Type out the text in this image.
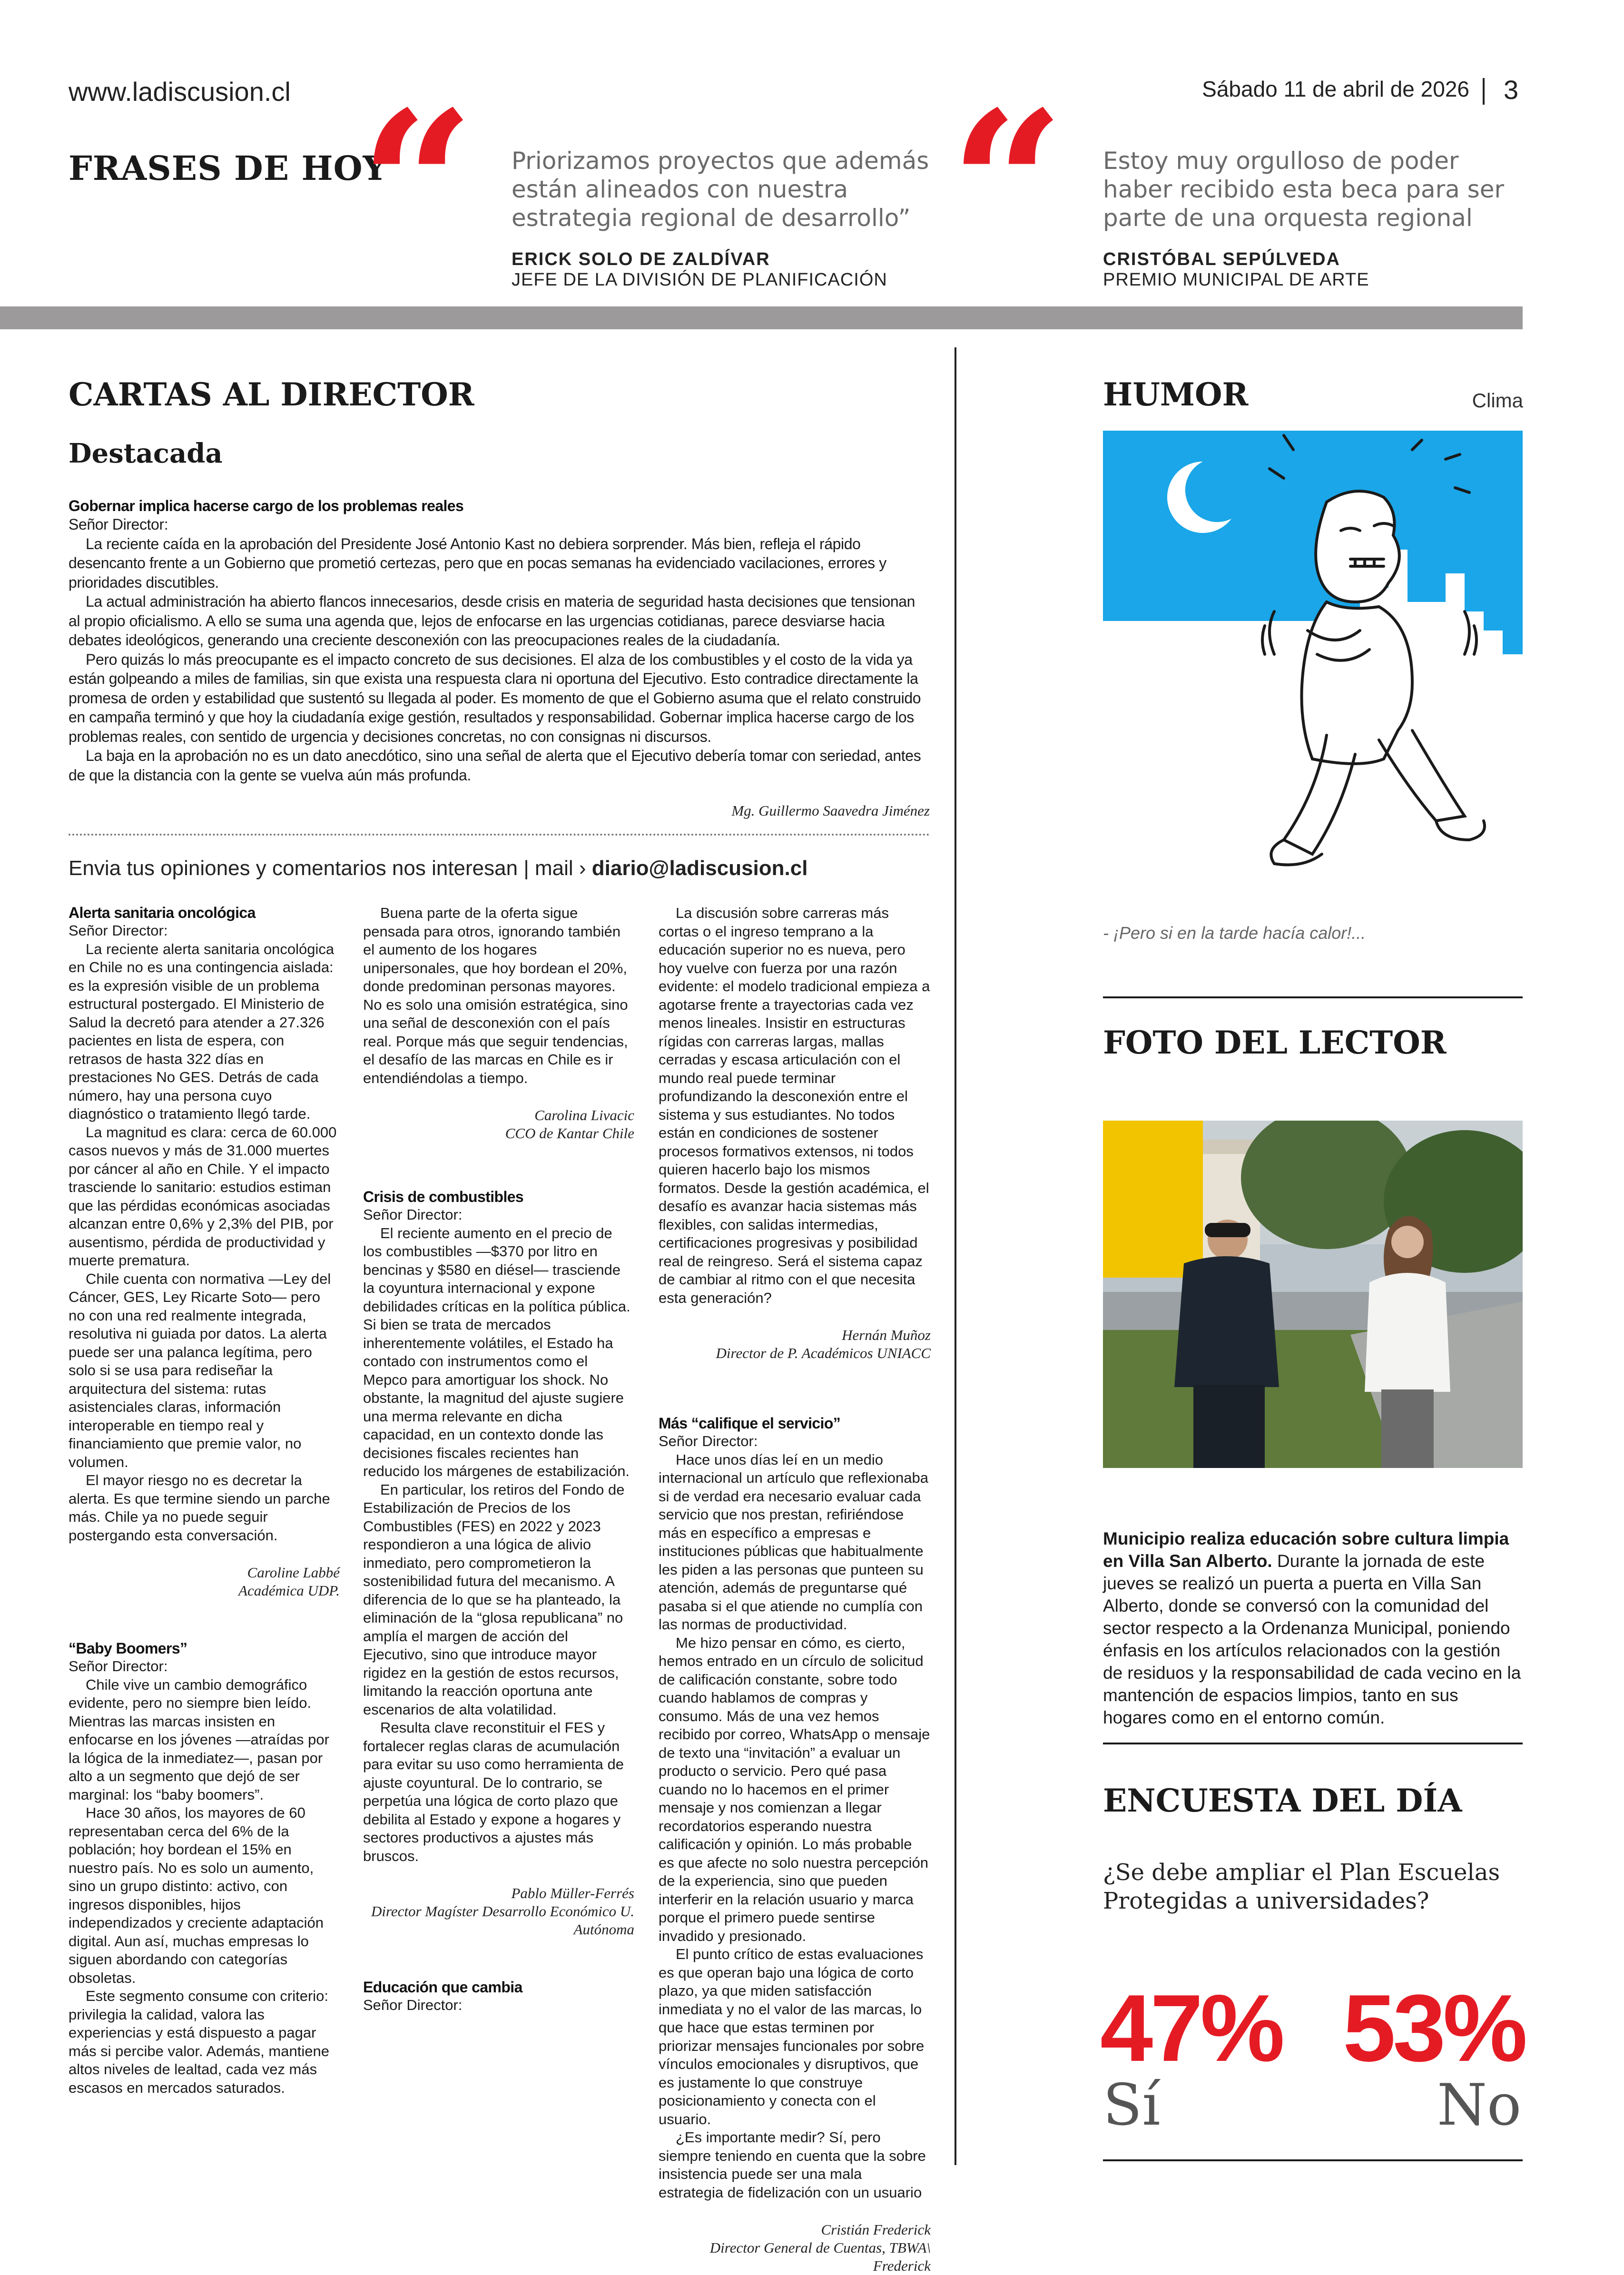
www.ladiscusion.cl	Sábado 11 de abril de 2026 3
FRASES DE HOY
“ Priorizamos proyectos que además están alineados con nuestra estrategia regional de desarrollo”
ERICK SOLO DE ZALDÍVAR
JEFE DE LA DIVISIÓN DE PLANIFICACIÓN “ Estoy muy orgulloso de poder haber recibido esta beca para ser parte de una orquesta regional
CRISTÓBAL SEPÚLVEDA
PREMIO MUNICIPAL DE ARTE
CARTAS AL DIRECTOR
Destacada
Gobernar implica hacerse cargo de los problemas reales

Señor Director:

La reciente caída en la aprobación del Presidente José Antonio Kast no debiera sorprender. Más bien, refleja el rápido desencanto frente a un Gobierno que prometió certezas, pero que en pocas semanas ha evidenciado vacilaciones, errores y prioridades discutibles.

La actual administración ha abierto flancos innecesarios, desde crisis en materia de seguridad hasta decisiones que tensionan al propio oficialismo. A ello se suma una agenda que, lejos de enfocarse en las urgencias cotidianas, parece desviarse hacia debates ideológicos, generando una creciente desconexión con las preocupaciones reales de la ciudadanía.

Pero quizás lo más preocupante es el impacto concreto de sus decisiones. El alza de los combustibles y el costo de la vida ya están golpeando a miles de familias, sin que exista una respuesta clara ni oportuna del Ejecutivo. Esto contradice directamente la promesa de orden y estabilidad que sustentó su llegada al poder. Es momento de que el Gobierno asuma que el relato construido en campaña terminó y que hoy la ciudadanía exige gestión, resultados y responsabilidad. Gobernar implica hacerse cargo de los problemas reales, con sentido de urgencia y decisiones concretas, no con consignas ni discursos.

La baja en la aprobación no es un dato anecdótico, sino una señal de alerta que el Ejecutivo debería tomar con seriedad, antes de que la distancia con la gente se vuelva aún más profunda.

Mg. Guillermo Saavedra Jiménez
Envia tus opiniones y comentarios nos interesan | mail › diario@ladiscusion.cl
Alerta sanitaria oncológica

Señor Director:

La reciente alerta sanitaria oncológica en Chile no es una contingencia aislada: es la expresión visible de un problema estructural postergado. El Ministerio de Salud la decretó para atender a 27.326 pacientes en lista de espera, con retrasos de hasta 322 días en prestaciones No GES. Detrás de cada número, hay una persona cuyo diagnóstico o tratamiento llegó tarde.

La magnitud es clara: cerca de 60.000 casos nuevos y más de 31.000 muertes por cáncer al año en Chile. Y el impacto trasciende lo sanitario: estudios estiman que las pérdidas económicas asociadas alcanzan entre 0,6% y 2,3% del PIB, por ausentismo, pérdida de productividad y muerte prematura.

Chile cuenta con normativa —Ley del Cáncer, GES, Ley Ricarte Soto— pero no con una red realmente integrada, resolutiva ni guiada por datos. La alerta puede ser una palanca legítima, pero solo si se usa para rediseñar la arquitectura del sistema: rutas asistenciales claras, información interoperable en tiempo real y financiamiento que premie valor, no volumen.

El mayor riesgo no es decretar la alerta. Es que termine siendo un parche más. Chile ya no puede seguir postergando esta conversación.

Caroline Labbé
Académica UDP.
“Baby Boomers”

Señor Director:

Chile vive un cambio demográfico evidente, pero no siempre bien leído. Mientras las marcas insisten en enfocarse en los jóvenes —atraídas por la lógica de la inmediatez—, pasan por alto a un segmento que dejó de ser marginal: los “baby boomers”.

Hace 30 años, los mayores de 60 representaban cerca del 6% de la población; hoy bordean el 15% en nuestro país. No es solo un aumento, sino un grupo distinto: activo, con ingresos disponibles, hijos independizados y creciente adaptación digital. Aun así, muchas empresas lo siguen abordando con categorías obsoletas.

Este segmento consume con criterio: privilegia la calidad, valora las experiencias y está dispuesto a pagar más si percibe valor. Además, mantiene altos niveles de lealtad, cada vez más escasos en mercados saturados.

Buena parte de la oferta sigue pensada para otros, ignorando también el aumento de los hogares unipersonales, que hoy bordean el 20%, donde predominan personas mayores. No es solo una omisión estratégica, sino una señal de desconexión con el país real. Porque más que seguir tendencias, el desafío de las marcas en Chile es ir entendiéndolas a tiempo.

Carolina Livacic
CCO de Kantar Chile
Crisis de combustibles

Señor Director:

El reciente aumento en el precio de los combustibles —$370 por litro en bencinas y $580 en diésel— trasciende la coyuntura internacional y expone debilidades críticas en la política pública. Si bien se trata de mercados inherentemente volátiles, el Estado ha contado con instrumentos como el Mepco para amortiguar los shock. No obstante, la magnitud del ajuste sugiere una merma relevante en dicha capacidad, en un contexto donde las decisiones fiscales recientes han reducido los márgenes de estabilización.

En particular, los retiros del Fondo de Estabilización de Precios de los Combustibles (FES) en 2022 y 2023 respondieron a una lógica de alivio inmediato, pero comprometieron la sostenibilidad futura del mecanismo. A diferencia de lo que se ha planteado, la eliminación de la “glosa republicana” no amplía el margen de acción del Ejecutivo, sino que introduce mayor rigidez en la gestión de estos recursos, limitando la reacción oportuna ante escenarios de alta volatilidad.

Resulta clave reconstituir el FES y fortalecer reglas claras de acumulación para evitar su uso como herramienta de ajuste coyuntural. De lo contrario, se perpetúa una lógica de corto plazo que debilita al Estado y expone a hogares y sectores productivos a ajustes más bruscos.

Pablo Müller-Ferrés
Director Magíster Desarrollo Económico U. Autónoma
Educación que cambia

Señor Director:

La discusión sobre carreras más cortas o el ingreso temprano a la educación superior no es nueva, pero hoy vuelve con fuerza por una razón evidente: el modelo tradicional empieza a agotarse frente a trayectorias cada vez menos lineales. Insistir en estructuras rígidas con carreras largas, mallas cerradas y escasa articulación con el mundo real puede terminar profundizando la desconexión entre el sistema y sus estudiantes. No todos están en condiciones de sostener procesos formativos extensos, ni todos quieren hacerlo bajo los mismos formatos. Desde la gestión académica, el desafío es avanzar hacia sistemas más flexibles, con salidas intermedias, certificaciones progresivas y posibilidad real de reingreso. Será el sistema capaz de cambiar al ritmo con el que necesita esta generación?

Hernán Muñoz
Director de P. Académicos UNIACC
Más “califique el servicio”

Señor Director:

Hace unos días leí en un medio internacional un artículo que reflexionaba si de verdad era necesario evaluar cada servicio que nos prestan, refiriéndose más en específico a empresas e instituciones públicas que habitualmente les piden a las personas que punteen su atención, además de preguntarse qué pasaba si el que atiende no cumplía con las normas de productividad.

Me hizo pensar en cómo, es cierto, hemos entrado en un círculo de solicitud de calificación constante, sobre todo cuando hablamos de compras y consumo. Más de una vez hemos recibido por correo, WhatsApp o mensaje de texto una “invitación” a evaluar un producto o servicio. Pero qué pasa cuando no lo hacemos en el primer mensaje y nos comienzan a llegar recordatorios esperando nuestra calificación y opinión. Lo más probable es que afecte no solo nuestra percepción de la experiencia, sino que pueden interferir en la relación usuario y marca porque el primero puede sentirse invadido y presionado.

El punto crítico de estas evaluaciones es que operan bajo una lógica de corto plazo, ya que miden satisfacción inmediata y no el valor de las marcas, lo que hace que estas terminen por priorizar mensajes funcionales por sobre vínculos emocionales y disruptivos, que es justamente lo que construye posicionamiento y conecta con el usuario.

¿Es importante medir? Sí, pero siempre teniendo en cuenta que la sobre insistencia puede ser una mala estrategia de fidelización con un usuario

Cristián Frederick
Director General de Cuentas, TBWA\
Frederick
HUMOR	Clima
- ¡Pero si en la tarde hacía calor!...
FOTO DEL LECTOR
Municipio realiza educación sobre cultura limpia en Villa San Alberto. Durante la jornada de este jueves se realizó un puerta a puerta en Villa San Alberto, donde se conversó con la comunidad del sector respecto a la Ordenanza Municipal, poniendo énfasis en los artículos relacionados con la gestión de residuos y la responsabilidad de cada vecino en la mantención de espacios limpios, tanto en sus hogares como en el entorno común.
ENCUESTA DEL DÍA
¿Se debe ampliar el Plan Escuelas Protegidas a universidades?
47% 53%
Sí	No
